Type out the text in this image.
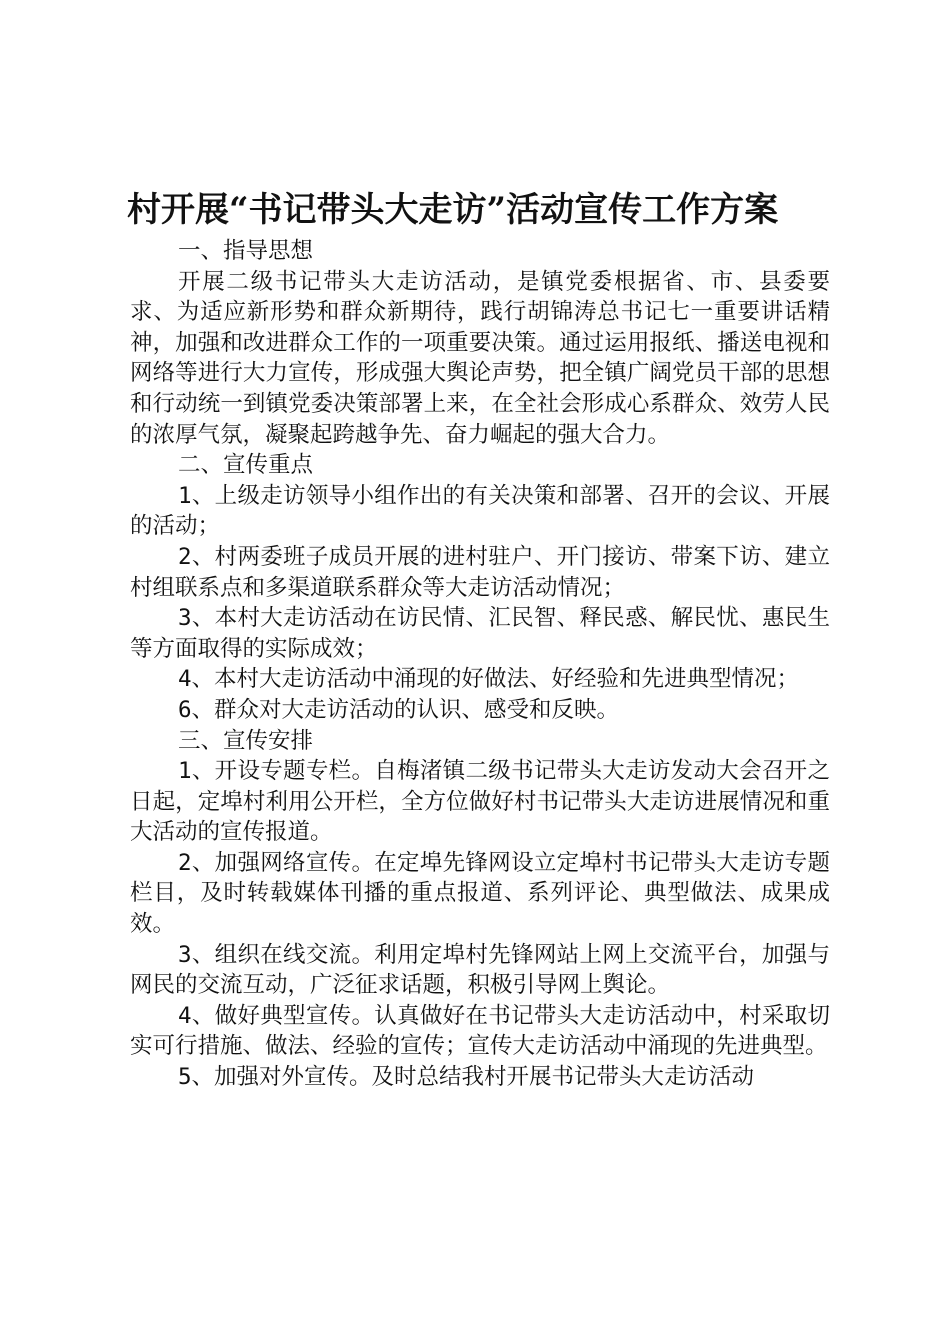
村开展“书记带头大走访”活动宣传工作方案

一、指导思想

开展二级书记带头大走访活动，是镇党委根据省、市、县委要求、为适应新形势和群众新期待，践行胡锦涛总书记七一重要讲话精神，加强和改进群众工作的一项重要决策。通过运用报纸、播送电视和网络等进行大力宣传，形成强大舆论声势，把全镇广阔党员干部的思想和行动统一到镇党委决策部署上来，在全社会形成心系群众、效劳人民的浓厚气氛，凝聚起跨越争先、奋力崛起的强大合力。

二、宣传重点

1、上级走访领导小组作出的有关决策和部署、召开的会议、开展的活动；

2、村两委班子成员开展的进村驻户、开门接访、带案下访、建立村组联系点和多渠道联系群众等大走访活动情况；

3、本村大走访活动在访民情、汇民智、释民惑、解民忧、惠民生等方面取得的实际成效；

4、本村大走访活动中涌现的好做法、好经验和先进典型情况；

6、群众对大走访活动的认识、感受和反映。

三、宣传安排

1、开设专题专栏。自梅渚镇二级书记带头大走访发动大会召开之日起，定埠村利用公开栏，全方位做好村书记带头大走访进展情况和重大活动的宣传报道。

2、加强网络宣传。在定埠先锋网设立定埠村书记带头大走访专题栏目，及时转载媒体刊播的重点报道、系列评论、典型做法、成果成效。

3、组织在线交流。利用定埠村先锋网站上网上交流平台，加强与网民的交流互动，广泛征求话题，积极引导网上舆论。

4、做好典型宣传。认真做好在书记带头大走访活动中，村采取切实可行措施、做法、经验的宣传；宣传大走访活动中涌现的先进典型。

5、加强对外宣传。及时总结我村开展书记带头大走访活动
